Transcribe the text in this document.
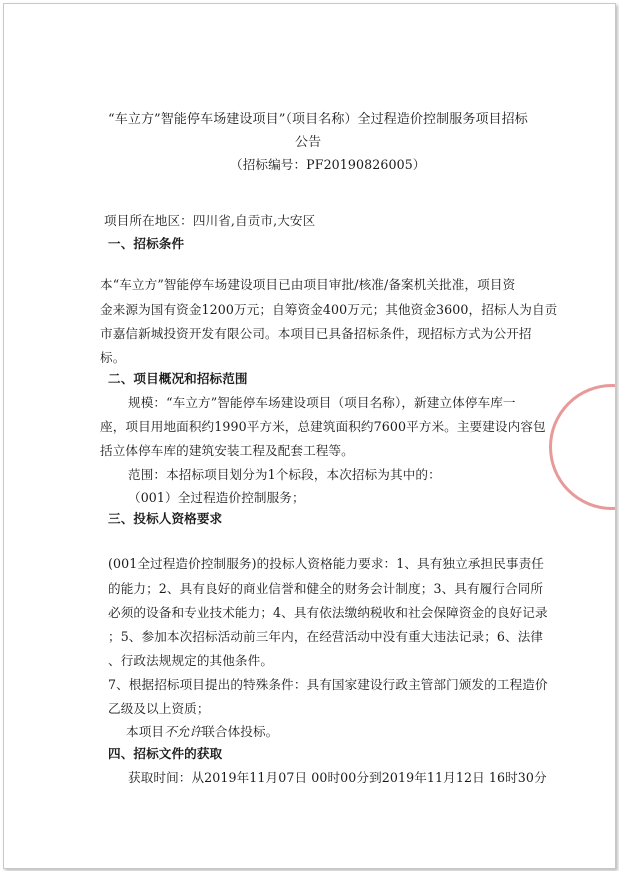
“车立方”智能停车场建设项目”（项目名称）全过程造价控制服务项目招标
公告
（招标编号：PF20190826005）
项目所在地区：四川省,自贡市,大安区
一、招标条件
本“车立方”智能停车场建设项目已由项目审批/核准/备案机关批准，项目资
金来源为国有资金1200万元；自筹资金400万元；其他资金3600，招标人为自贡
市嘉信新城投资开发有限公司。本项目已具备招标条件，现招标方式为公开招
标。
二、项目概况和招标范围
规模：“车立方”智能停车场建设项目（项目名称），新建立体停车库一
座，项目用地面积约1990平方米，总建筑面积约7600平方米。主要建设内容包
括立体停车库的建筑安装工程及配套工程等。
范围：本招标项目划分为1个标段，本次招标为其中的：
（001）全过程造价控制服务；
三、投标人资格要求
(001全过程造价控制服务)的投标人资格能力要求：1、具有独立承担民事责任
的能力；2、具有良好的商业信誉和健全的财务会计制度；3、具有履行合同所
必须的设备和专业技术能力；4、具有依法缴纳税收和社会保障资金的良好记录
；5、参加本次招标活动前三年内，在经营活动中没有重大违法记录；6、法律
、行政法规规定的其他条件。
7、根据招标项目提出的特殊条件：具有国家建设行政主管部门颁发的工程造价
乙级及以上资质；
本项目不允许联合体投标。
四、招标文件的获取
获取时间：从2019年11月07日 00时00分到2019年11月12日 16时30分
